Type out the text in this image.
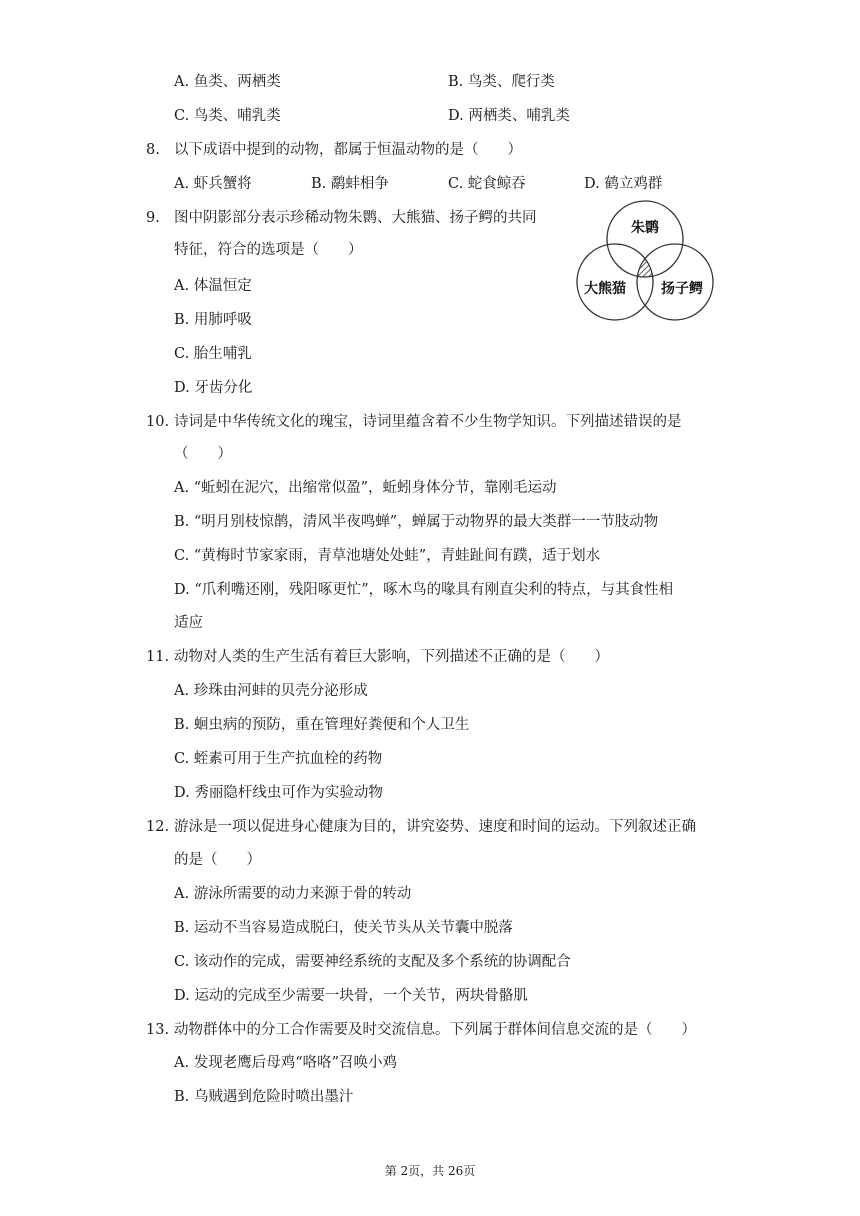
A. 鱼类、两栖类	B. 鸟类、爬行类
C. 鸟类、哺乳类	D. 两栖类、哺乳类
8. 以下成语中提到的动物，都属于恒温动物的是（　　）
A. 虾兵蟹将	B. 鹬蚌相争	C. 蛇食鲸吞	D. 鹤立鸡群
9. 图中阴影部分表示珍稀动物朱鹮、大熊猫、扬子鳄的共同
特征，符合的选项是（　　）
朱鹮
大熊猫	扬子鳄
A. 体温恒定
B. 用肺呼吸
C. 胎生哺乳
D. 牙齿分化
10. 诗词是中华传统文化的瑰宝，诗词里蕴含着不少生物学知识。下列描述错误的是
（　　）
A. “蚯蚓在泥穴，出缩常似盈”，蚯蚓身体分节，靠刚毛运动
B. “明月别枝惊鹊，清风半夜鸣蝉”，蝉属于动物界的最大类群一一节肢动物
C. “黄梅时节家家雨，青草池塘处处蛙”，青蛙趾间有蹼，适于划水
D. “爪利嘴还刚，残阳啄更忙”，啄木鸟的喙具有刚直尖利的特点，与其食性相
适应
11. 动物对人类的生产生活有着巨大影响，下列描述不正确的是（　　）
A. 珍珠由河蚌的贝壳分泌形成
B. 蛔虫病的预防，重在管理好粪便和个人卫生
C. 蛭素可用于生产抗血栓的药物
D. 秀丽隐杆线虫可作为实验动物
12. 游泳是一项以促进身心健康为目的，讲究姿势、速度和时间的运动。下列叙述正确
的是（　　）
A. 游泳所需要的动力来源于骨的转动
B. 运动不当容易造成脱臼，使关节头从关节囊中脱落
C. 该动作的完成，需要神经系统的支配及多个系统的协调配合
D. 运动的完成至少需要一块骨，一个关节，两块骨骼肌
13. 动物群体中的分工合作需要及时交流信息。下列属于群体间信息交流的是（　　）
A. 发现老鹰后母鸡“咯咯”召唤小鸡
B. 乌贼遇到危险时喷出墨汁
第 2页，共 26页
